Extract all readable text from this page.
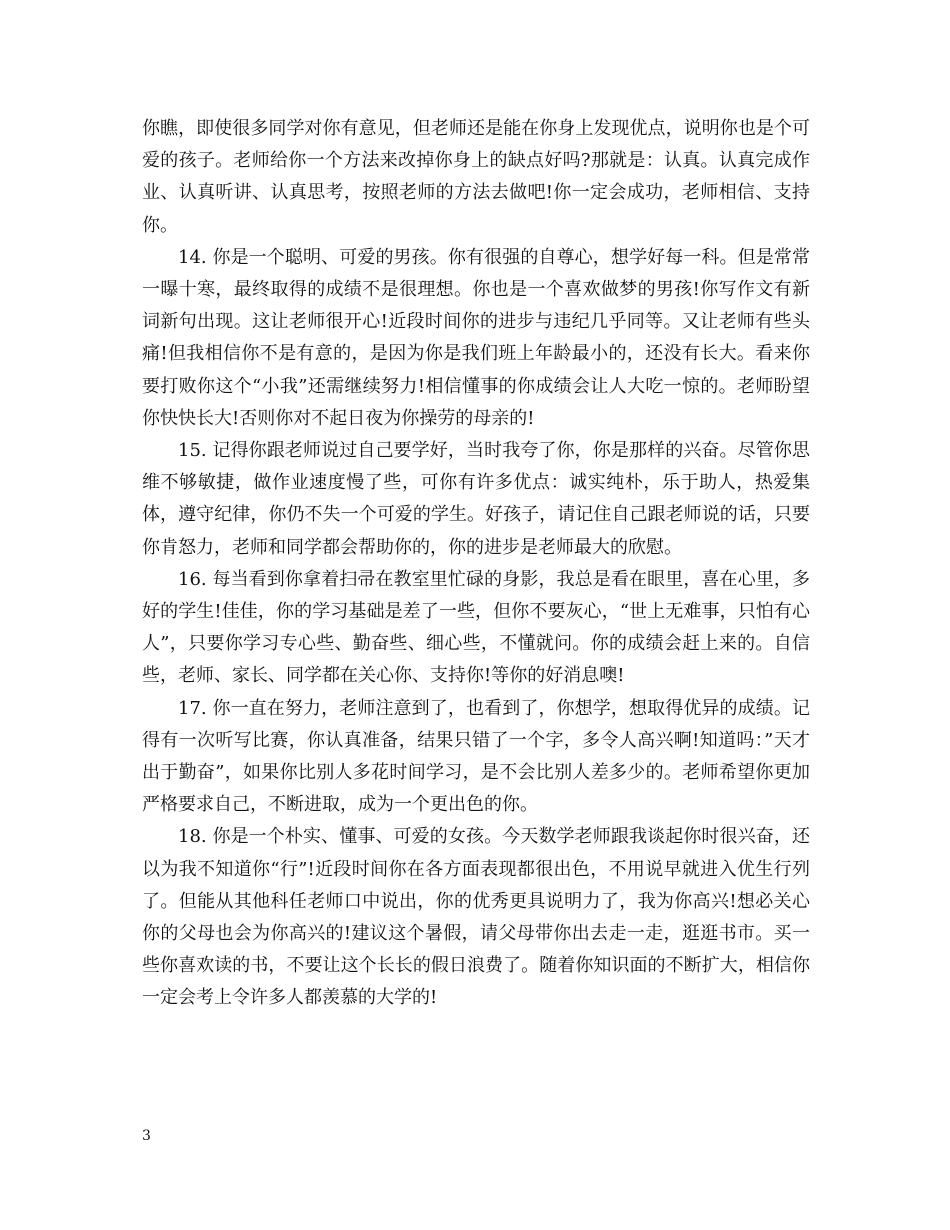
你瞧，即使很多同学对你有意见，但老师还是能在你身上发现优点，说明你也是个可爱的孩子。老师给你一个方法来改掉你身上的缺点好吗?那就是：认真。认真完成作业、认真听讲、认真思考，按照老师的方法去做吧!你一定会成功，老师相信、支持你。

14. 你是一个聪明、可爱的男孩。你有很强的自尊心，想学好每一科。但是常常一曝十寒，最终取得的成绩不是很理想。你也是一个喜欢做梦的男孩!你写作文有新词新句出现。这让老师很开心!近段时间你的进步与违纪几乎同等。又让老师有些头痛!但我相信你不是有意的，是因为你是我们班上年龄最小的，还没有长大。看来你要打败你这个“小我”还需继续努力!相信懂事的你成绩会让人大吃一惊的。老师盼望你快快长大!否则你对不起日夜为你操劳的母亲的!

15. 记得你跟老师说过自己要学好，当时我夸了你，你是那样的兴奋。尽管你思维不够敏捷，做作业速度慢了些，可你有许多优点：诚实纯朴，乐于助人，热爱集体，遵守纪律，你仍不失一个可爱的学生。好孩子，请记住自己跟老师说的话，只要你肯怒力，老师和同学都会帮助你的，你的进步是老师最大的欣慰。

16. 每当看到你拿着扫帚在教室里忙碌的身影，我总是看在眼里，喜在心里，多好的学生!佳佳，你的学习基础是差了一些，但你不要灰心，“世上无难事，只怕有心人”，只要你学习专心些、勤奋些、细心些，不懂就问。你的成绩会赶上来的。自信些，老师、家长、同学都在关心你、支持你!等你的好消息噢!

17. 你一直在努力，老师注意到了，也看到了，你想学，想取得优异的成绩。记得有一次听写比赛，你认真准备，结果只错了一个字，多令人高兴啊!知道吗：”天才出于勤奋”，如果你比别人多花时间学习，是不会比别人差多少的。老师希望你更加严格要求自己，不断进取，成为一个更出色的你。

18. 你是一个朴实、懂事、可爱的女孩。今天数学老师跟我谈起你时很兴奋，还以为我不知道你“行”!近段时间你在各方面表现都很出色，不用说早就进入优生行列了。但能从其他科任老师口中说出，你的优秀更具说明力了，我为你高兴!想必关心你的父母也会为你高兴的!建议这个暑假，请父母带你出去走一走，逛逛书市。买一些你喜欢读的书，不要让这个长长的假日浪费了。随着你知识面的不断扩大，相信你一定会考上令许多人都羡慕的大学的!

3
